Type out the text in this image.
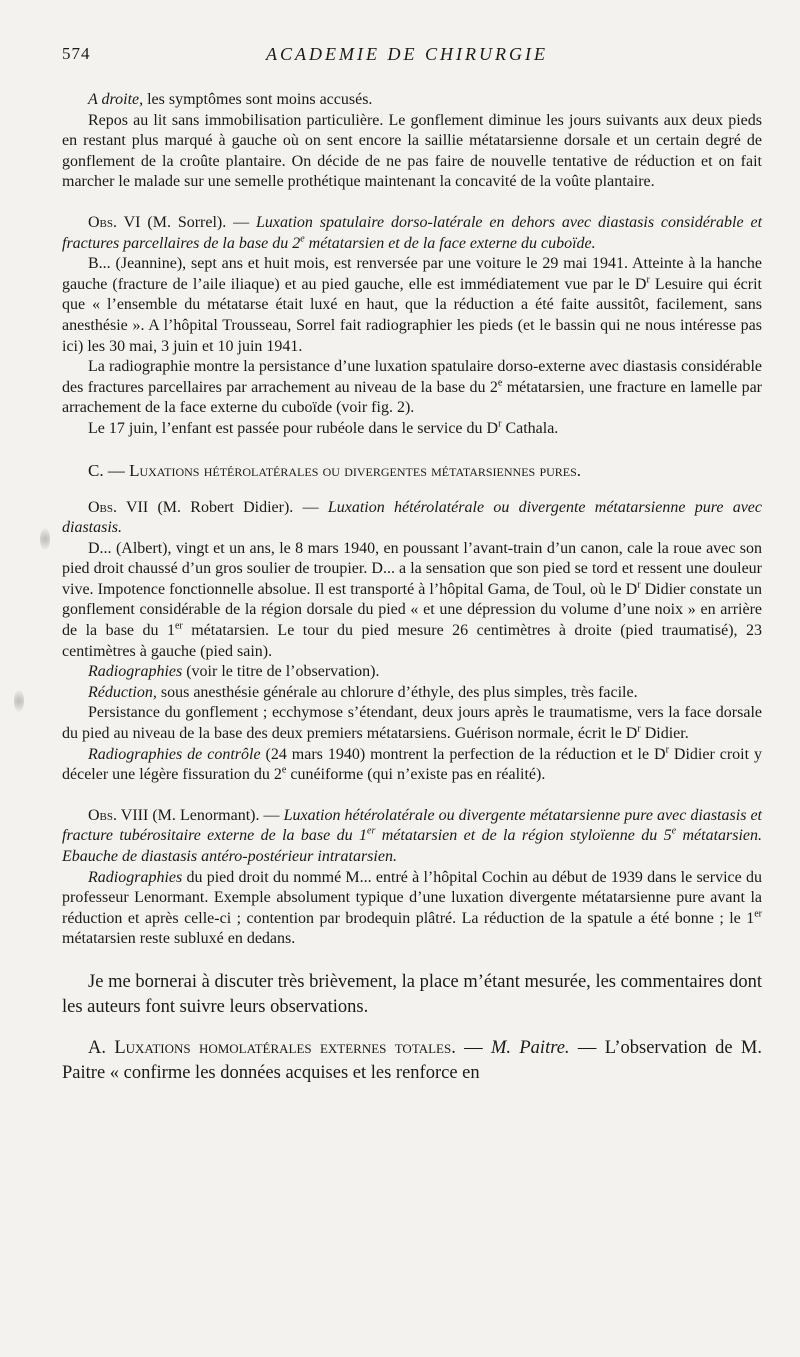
574	ACADEMIE DE CHIRURGIE

A droite, les symptômes sont moins accusés.

Repos au lit sans immobilisation particulière. Le gonflement diminue les jours suivants aux deux pieds en restant plus marqué à gauche où on sent encore la saillie métatarsienne dorsale et un certain degré de gonflement de la croûte plantaire. On décide de ne pas faire de nouvelle tentative de réduction et on fait marcher le malade sur une semelle prothétique maintenant la concavité de la voûte plantaire.

Obs. VI (M. Sorrel). — Luxation spatulaire dorso-latérale en dehors avec diastasis considérable et fractures parcellaires de la base du 2e métatarsien et de la face externe du cuboïde.

B... (Jeannine), sept ans et huit mois, est renversée par une voiture le 29 mai 1941. Atteinte à la hanche gauche (fracture de l’aile iliaque) et au pied gauche, elle est immédiatement vue par le $D^r$ Lesuire qui écrit que « l’ensemble du métatarse était luxé en haut, que la réduction a été faite aussitôt, facilement, sans anesthésie ». A l’hôpital Trousseau, Sorrel fait radiographier les pieds (et le bassin qui ne nous intéresse pas ici) les 30 mai, 3 juin et 10 juin 1941.

La radiographie montre la persistance d’une luxation spatulaire dorso-externe avec diastasis considérable des fractures parcellaires par arrachement au niveau de la base du 2e métatarsien, une fracture en lamelle par arrachement de la face externe du cuboïde (voir fig. 2).

Le 17 juin, l’enfant est passée pour rubéole dans le service du $D^r$ Cathala.

C. — Luxations hétérolatérales ou divergentes métatarsiennes pures.

Obs. VII (M. Robert Didier). — Luxation hétérolatérale ou divergente métatarsienne pure avec diastasis.

D... (Albert), vingt et un ans, le 8 mars 1940, en poussant l’avant-train d’un canon, cale la roue avec son pied droit chaussé d’un gros soulier de troupier. D... a la sensation que son pied se tord et ressent une douleur vive. Impotence fonctionnelle absolue. Il est transporté à l’hôpital Gama, de Toul, où le $D^r$ Didier constate un gonflement considérable de la région dorsale du pied « et une dépression du volume d’une noix » en arrière de la base du 1er métatarsien. Le tour du pied mesure 26 centimètres à droite (pied traumatisé), 23 centimètres à gauche (pied sain).

Radiographies (voir le titre de l’observation).

Réduction, sous anesthésie générale au chlorure d’éthyle, des plus simples, très facile.

Persistance du gonflement ; ecchymose s’étendant, deux jours après le traumatisme, vers la face dorsale du pied au niveau de la base des deux premiers métatarsiens. Guérison normale, écrit le $D^r$ Didier.

Radiographies de contrôle (24 mars 1940) montrent la perfection de la réduction et le $D^r$ Didier croit y déceler une légère fissuration du 2e cunéiforme (qui n’existe pas en réalité).

Obs. VIII (M. Lenormant). — Luxation hétérolatérale ou divergente métatarsienne pure avec diastasis et fracture tubérositaire externe de la base du 1er métatarsien et de la région styloïenne du 5e métatarsien. Ebauche de diastasis antéro-postérieur intratarsien.

Radiographies du pied droit du nommé M... entré à l’hôpital Cochin au début de 1939 dans le service du professeur Lenormant. Exemple absolument typique d’une luxation divergente métatarsienne pure avant la réduction et après celle-ci ; contention par brodequin plâtré. La réduction de la spatule a été bonne ; le 1er métatarsien reste subluxé en dedans.

Je me bornerai à discuter très brièvement, la place m’étant mesurée, les commentaires dont les auteurs font suivre leurs observations.

A. Luxations homolatérales externes totales. — M. Paitre. — L’observation de M. Paitre « confirme les données acquises et les renforce en
